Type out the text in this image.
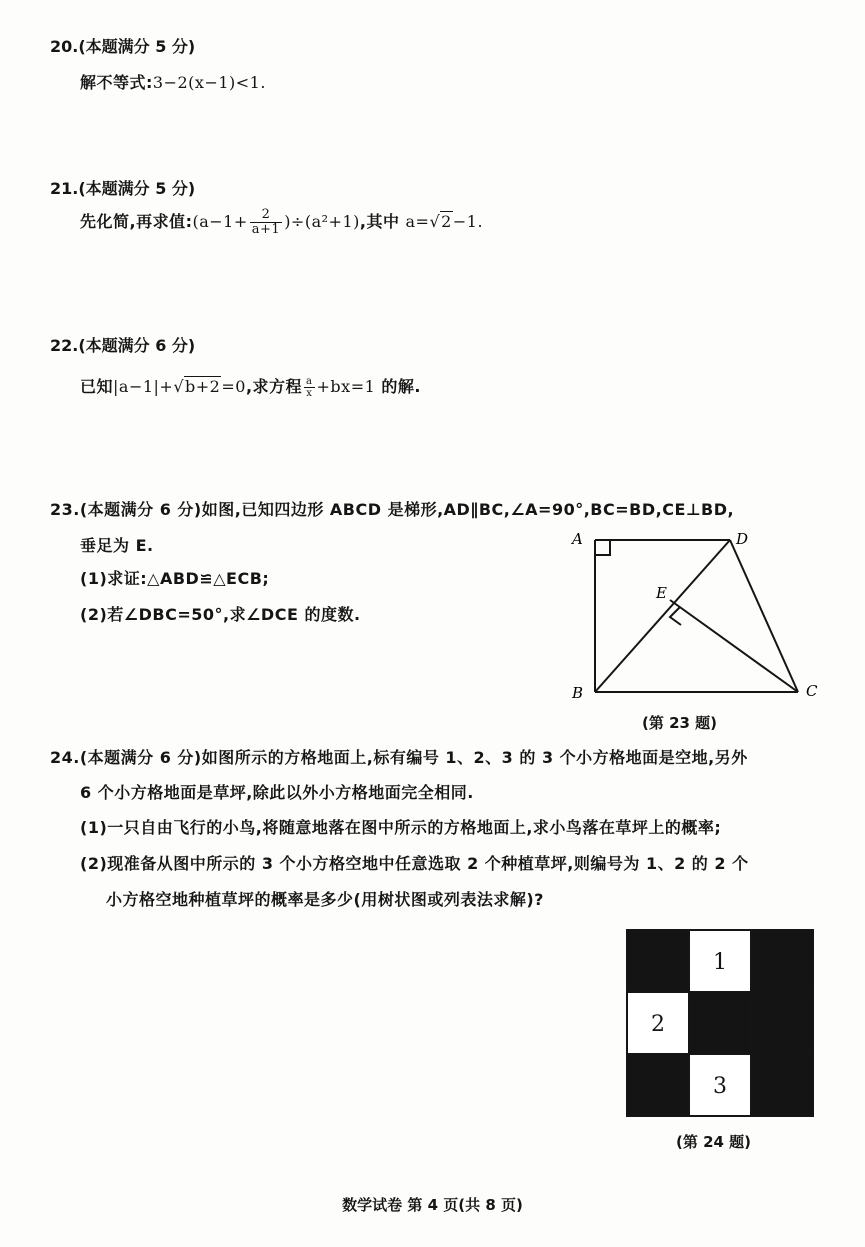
20.(本题满分 5 分)
解不等式:3−2(x−1)<1.
21.(本题满分 5 分)
先化简,再求值:(a−1+ $\frac{2}{a+1} )\div(a^2+1)$,其中 a=√2−1.
22.(本题满分 6 分)
已知|a−1|+√b+2=0,求方程 $\frac{a}{x} +bx=1$ 的解.
23.(本题满分 6 分)如图,已知四边形 ABCD 是梯形,AD∥BC,∠A=90°,BC=BD,CE⊥BD,
垂足为 E.
(1)求证:△ABD≌△ECB;
(2)若∠DBC=50°,求∠DCE 的度数.
A	D
E
B	C
(第 23 题)
24.(本题满分 6 分)如图所示的方格地面上,标有编号 1、2、3 的 3 个小方格地面是空地,另外
6 个小方格地面是草坪,除此以外小方格地面完全相同.
(1)一只自由飞行的小鸟,将随意地落在图中所示的方格地面上,求小鸟落在草坪上的概率;
(2)现准备从图中所示的 3 个小方格空地中任意选取 2 个种植草坪,则编号为 1、2 的 2 个
小方格空地种植草坪的概率是多少(用树状图或列表法求解)?
1
2
3
(第 24 题)
数学试卷 第 4 页(共 8 页)
